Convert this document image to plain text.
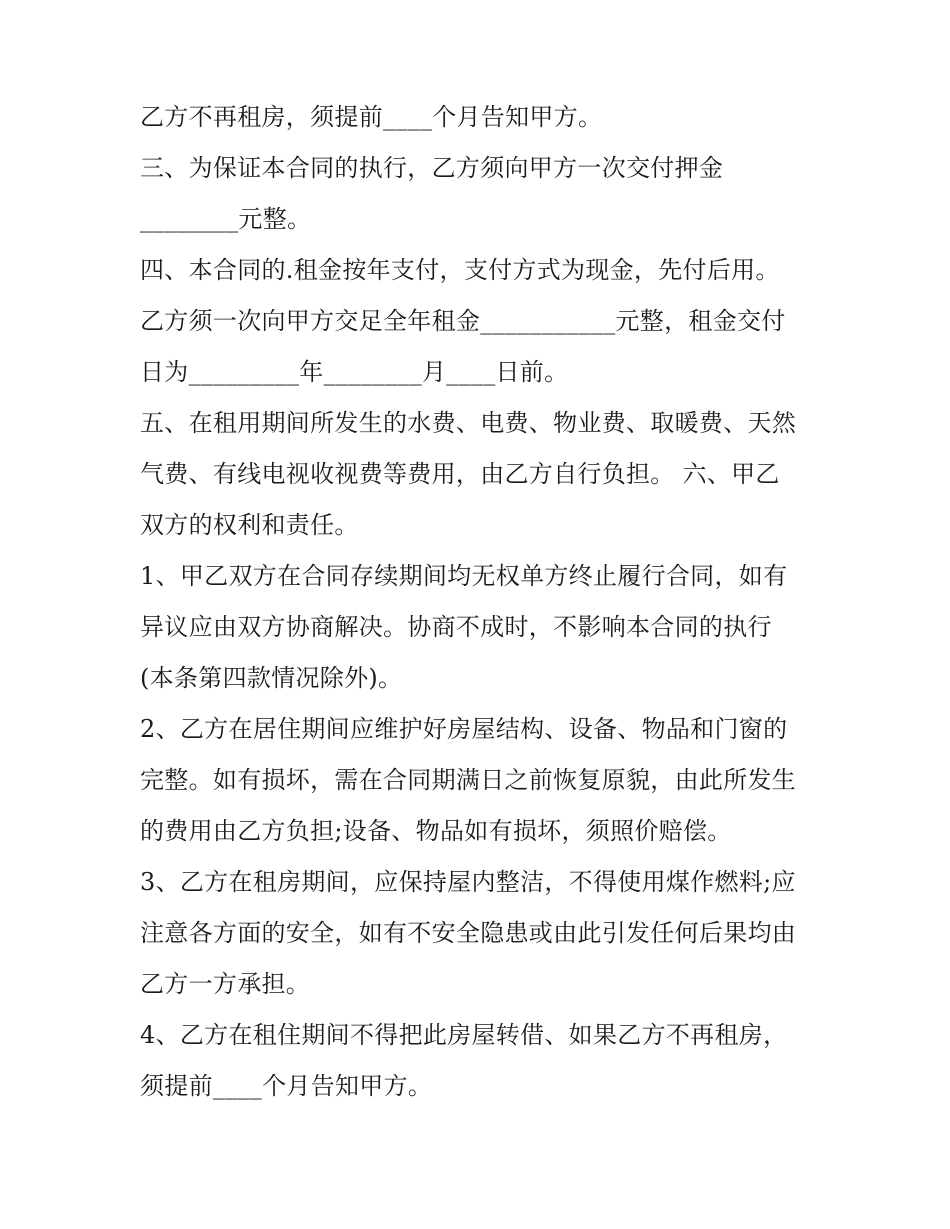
乙方不再租房，须提前____个月告知甲方。
三、为保证本合同的执行，乙方须向甲方一次交付押金
________元整。
四、本合同的.租金按年支付，支付方式为现金，先付后用。
乙方须一次向甲方交足全年租金___________元整，租金交付
日为_________年________月____日前。
五、在租用期间所发生的水费、电费、物业费、取暖费、天然
气费、有线电视收视费等费用，由乙方自行负担。 六、甲乙
双方的权利和责任。
1、甲乙双方在合同存续期间均无权单方终止履行合同，如有
异议应由双方协商解决。协商不成时，不影响本合同的执行
(本条第四款情况除外)。
2、乙方在居住期间应维护好房屋结构、设备、物品和门窗的
完整。如有损坏，需在合同期满日之前恢复原貌，由此所发生
的费用由乙方负担;设备、物品如有损坏，须照价赔偿。
3、乙方在租房期间，应保持屋内整洁，不得使用煤作燃料;应
注意各方面的安全，如有不安全隐患或由此引发任何后果均由
乙方一方承担。
4、乙方在租住期间不得把此房屋转借、如果乙方不再租房，
须提前____个月告知甲方。
